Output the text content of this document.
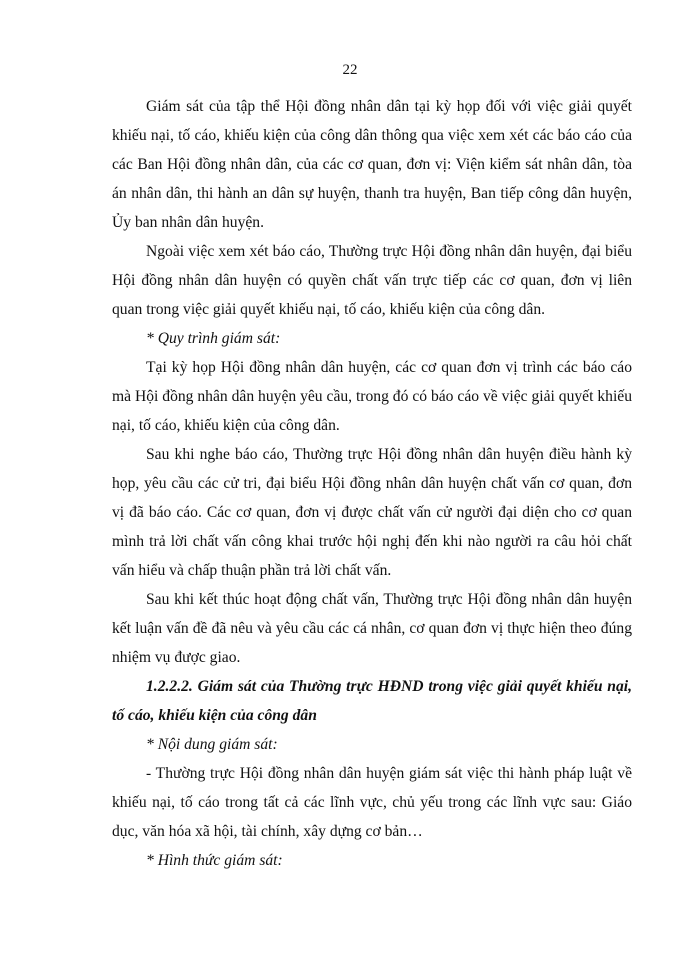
22

Giám sát của tập thể Hội đồng nhân dân tại kỳ họp đối với việc giải quyết khiếu nại, tố cáo, khiếu kiện của công dân thông qua việc xem xét các báo cáo của các Ban Hội đồng nhân dân, của các cơ quan, đơn vị: Viện kiểm sát nhân dân, tòa án nhân dân, thi hành an dân sự huyện, thanh tra huyện, Ban tiếp công dân huyện, Ủy ban nhân dân huyện.

Ngoài việc xem xét báo cáo, Thường trực Hội đồng nhân dân huyện, đại biểu Hội đồng nhân dân huyện có quyền chất vấn trực tiếp các cơ quan, đơn vị liên quan trong việc giải quyết khiếu nại, tố cáo, khiếu kiện của công dân.

* Quy trình giám sát:

Tại kỳ họp Hội đồng nhân dân huyện, các cơ quan đơn vị trình các báo cáo mà Hội đồng nhân dân huyện yêu cầu, trong đó có báo cáo về việc giải quyết khiếu nại, tố cáo, khiếu kiện của công dân.

Sau khi nghe báo cáo, Thường trực Hội đồng nhân dân huyện điều hành kỳ họp, yêu cầu các cử tri, đại biểu Hội đồng nhân dân huyện chất vấn cơ quan, đơn vị đã báo cáo. Các cơ quan, đơn vị được chất vấn cử người đại diện cho cơ quan mình trả lời chất vấn công khai trước hội nghị đến khi nào người ra câu hỏi chất vấn hiểu và chấp thuận phần trả lời chất vấn.

Sau khi kết thúc hoạt động chất vấn, Thường trực Hội đồng nhân dân huyện kết luận vấn đề đã nêu và yêu cầu các cá nhân, cơ quan đơn vị thực hiện theo đúng nhiệm vụ được giao.

1.2.2.2. Giám sát của Thường trực HĐND trong việc giải quyết khiếu nại, tố cáo, khiếu kiện của công dân

* Nội dung giám sát:

- Thường trực Hội đồng nhân dân huyện giám sát việc thi hành pháp luật về khiếu nại, tố cáo trong tất cả các lĩnh vực, chủ yếu trong các lĩnh vực sau: Giáo dục, văn hóa xã hội, tài chính, xây dựng cơ bản…

* Hình thức giám sát:
